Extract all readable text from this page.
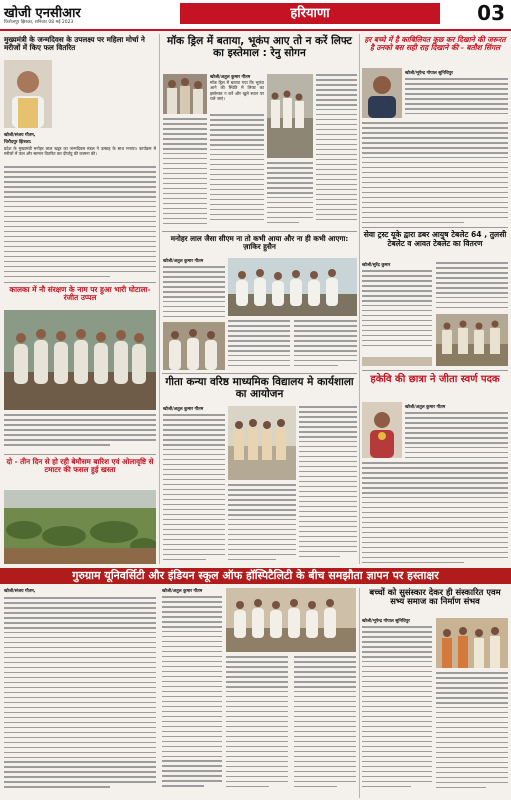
खोजी एनसीआर
फिरोजपुर झिरका, शनिवार 08 मई 2023
हरियाणा	03
मुख्यमंत्री के जन्मदिवस के उपलक्ष्य पर महिला मोर्चा ने मरीजों में किए फल वितरित
खोजी/संजय गौतम,
चिरौदपुर झिरका:
प्रदेश के मुख्यमंत्री मनोहर लाल खट्टर का जन्मदिवस मंडल ने उत्साह के साथ मनाया। कार्यक्रम में मरीजों में फल और सामान वितरित कर दीर्घायु की कामना की।
कालका में नौ संरक्षण के नाम पर हुआ भारी घोटाला- रंजीत उप्पल
दो - तीन दिन से हो रही बेमौसम बारिश एवं ओलावृष्टि से टमाटर की फसल हुई खस्ता
खोजी/संजय गौतम,
मॉक ड्रिल में बताया, भूकंप आए तो न करें लिफ्ट का इस्तेमाल : रेनु सोगन
खोजी/अतुल कुमार गौतम
मॉक ड्रिल में बताया गया कि भूकंप आने की स्थिति में लिफ्ट का इस्तेमाल न करें और खुले स्थान पर चले जाएं।
मनोहर लाल जैसा सीएम ना तो कभी आया और ना ही कभी आएगा: ज़ाकिर हुसैन
खोजी/अतुल कुमार गौतम
गीता कन्या वरिष्ठ माध्यमिक विद्यालय मे कार्यशाला का आयोजन
खोजी/अतुल कुमार गौतम
हर बच्चे में है काबिलियत कुछ कर दिखाने की जरूरत है उनको बस सही राह दिखाने की - बतौश सिंगल
खोजी/भूपेन्द्र गोपाल सुनिधिपुर
सेवा ट्रस्ट यूके द्वारा डबर आयुष टेबलेट 64 , तुलसी टेबलेट व आवत टेबलेट का वितरण
खोजी/सुरेंद्र कुमार
हकेवि की छात्रा ने जीता स्वर्ण पदक
खोजी/अतुल कुमार गौतम
गुरुग्राम यूनिवर्सिटी और इंडियन स्कूल ऑफ हॉस्पिटैलिटी के बीच समझौता ज्ञापन पर हस्ताक्षर
खोजी/अतुल कुमार गौतम	बच्चों को सुसंस्कार देकर ही संस्कारित एवम सभ्य समाज का निर्माण संभव
खोजी/भूपेन्द्र गोपाल सुनिधिपुर
